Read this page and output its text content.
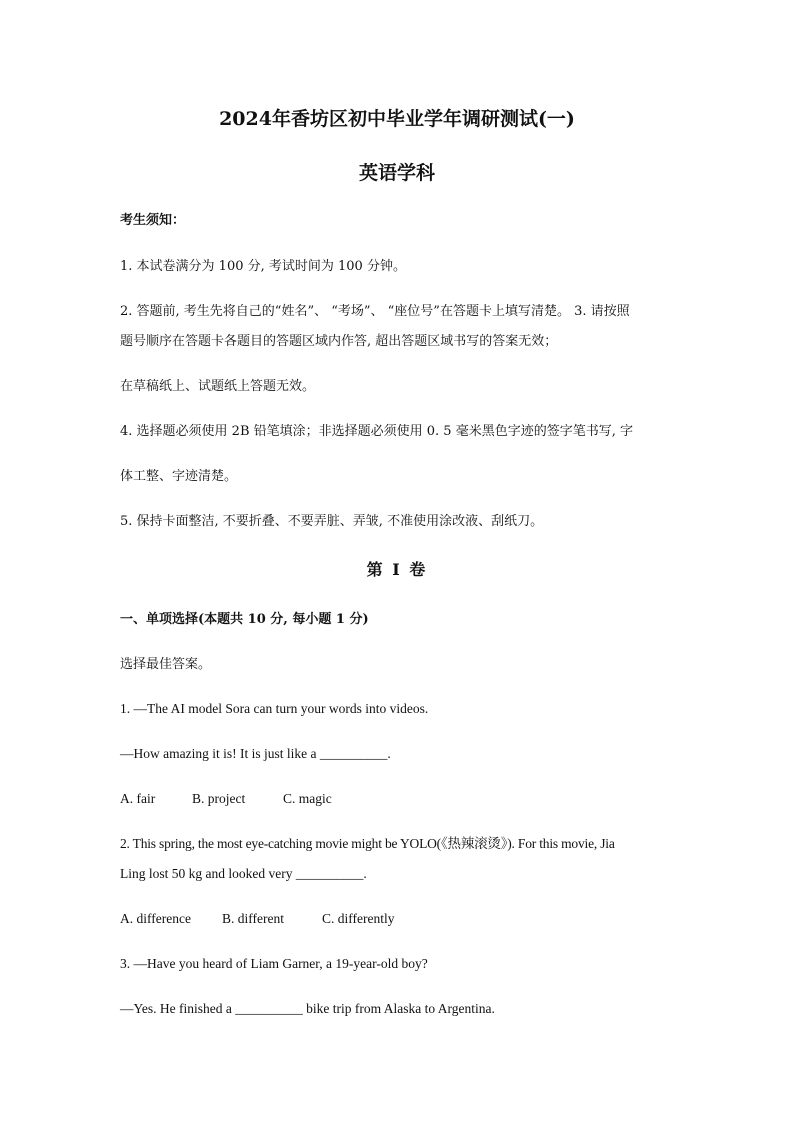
2024年香坊区初中毕业学年调研测试(一)
英语学科
考生须知：
1. 本试卷满分为 100 分, 考试时间为 100 分钟。
2. 答题前, 考生先将自己的“姓名”、 “考场”、 “座位号”在答题卡上填写清楚。 3. 请按照
题号顺序在答题卡各题目的答题区域内作答, 超出答题区域书写的答案无效；
在草稿纸上、试题纸上答题无效。
4. 选择题必须使用 2B 铅笔填涂；非选择题必须使用 0. 5 毫米黑色字迹的签字笔书写, 字
体工整、字迹清楚。
5. 保持卡面整洁, 不要折叠、不要弄脏、弄皱, 不准使用涂改液、刮纸刀。
第 I 卷
一、单项选择(本题共 10 分, 每小题 1 分)
选择最佳答案。
1. —The AI model Sora can turn your words into videos.
—How amazing it is! It is just like a __________.
A. fair	B. project	C. magic
2. This spring, the most eye-catching movie might be YOLO(《热辣滚烫》). For this movie, Jia
Ling lost 50 kg and looked very __________.
A. difference B. different	C. differently
3. —Have you heard of Liam Garner, a 19-year-old boy?
—Yes. He finished a __________ bike trip from Alaska to Argentina.
